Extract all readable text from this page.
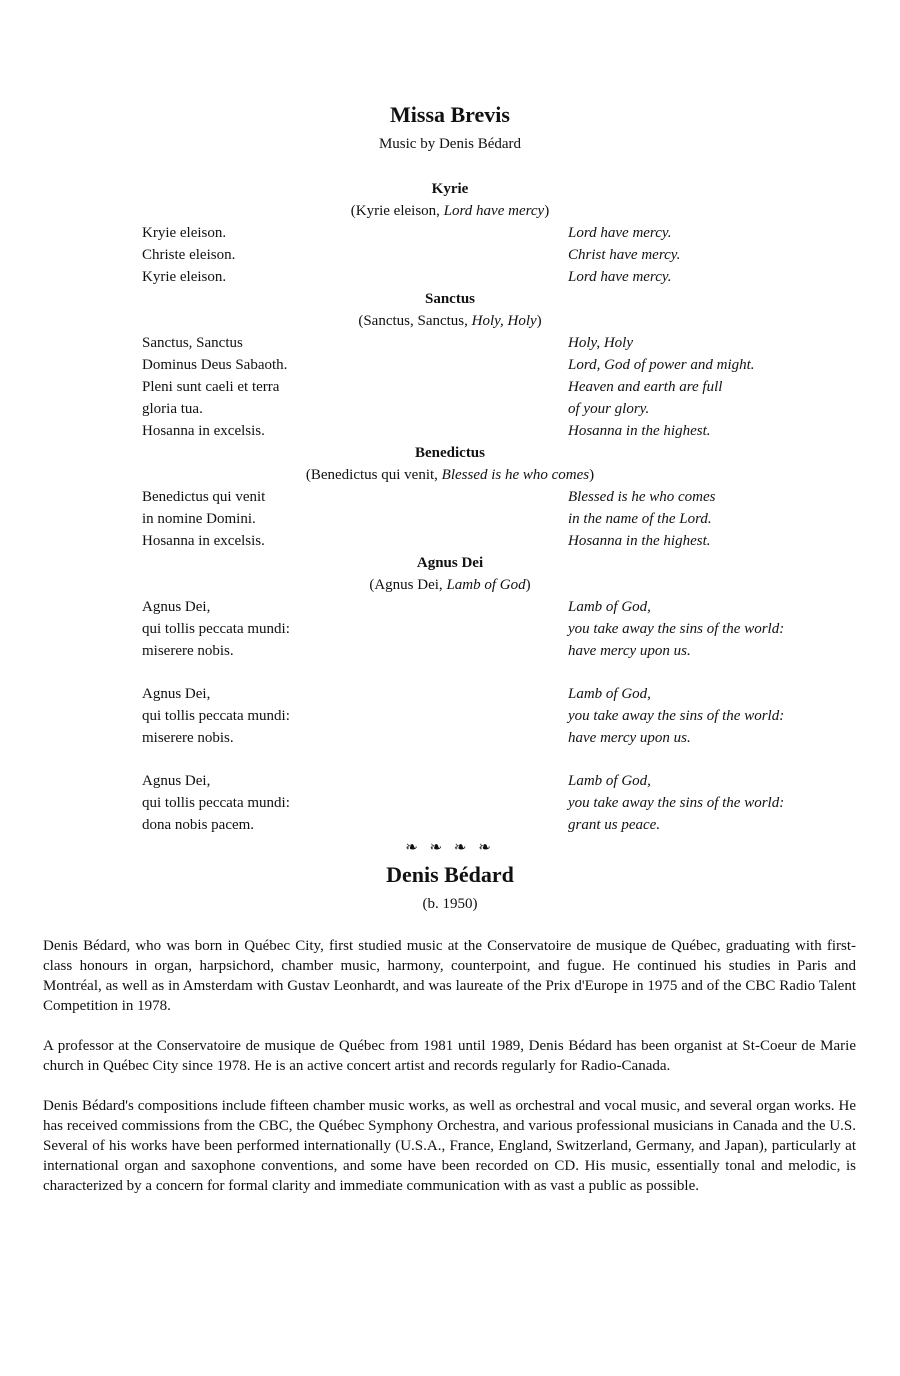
Missa Brevis
Music by Denis Bédard
Kyrie
(Kyrie eleison, Lord have mercy)
Kryie eleison.	Lord have mercy.
Christe eleison.	Christ have mercy.
Kyrie eleison.	Lord have mercy.
Sanctus
(Sanctus, Sanctus, Holy, Holy)
Sanctus, Sanctus	Holy, Holy
Dominus Deus Sabaoth.	Lord, God of power and might.
Pleni sunt caeli et terra	Heaven and earth are full
gloria tua.	of your glory.
Hosanna in excelsis.	Hosanna in the highest.
Benedictus
(Benedictus qui venit, Blessed is he who comes)
Benedictus qui venit	Blessed is he who comes
in nomine Domini.	in the name of the Lord.
Hosanna in excelsis.	Hosanna in the highest.
Agnus Dei
(Agnus Dei, Lamb of God)
Agnus Dei,	Lamb of God,
qui tollis peccata mundi:	you take away the sins of the world:
miserere nobis.	have mercy upon us.
Agnus Dei,	Lamb of God,
qui tollis peccata mundi:	you take away the sins of the world:
miserere nobis.	have mercy upon us.
Agnus Dei,	Lamb of God,
qui tollis peccata mundi:	you take away the sins of the world:
dona nobis pacem.	grant us peace.
❧ ❧ ❧ ❧
Denis Bédard
(b. 1950)

Denis Bédard, who was born in Québec City, first studied music at the Conservatoire de musique de Québec, graduating with first-class honours in organ, harpsichord, chamber music, harmony, counterpoint, and fugue. He continued his studies in Paris and Montréal, as well as in Amsterdam with Gustav Leonhardt, and was laureate of the Prix d'Europe in 1975 and of the CBC Radio Talent Competition in 1978.

A professor at the Conservatoire de musique de Québec from 1981 until 1989, Denis Bédard has been organist at St-Coeur de Marie church in Québec City since 1978. He is an active concert artist and records regularly for Radio-Canada.

Denis Bédard's compositions include fifteen chamber music works, as well as orchestral and vocal music, and several organ works. He has received commissions from the CBC, the Québec Symphony Orchestra, and various professional musicians in Canada and the U.S. Several of his works have been performed internationally (U.S.A., France, England, Switzerland, Germany, and Japan), particularly at international organ and saxophone conventions, and some have been recorded on CD. His music, essentially tonal and melodic, is characterized by a concern for formal clarity and immediate communication with as vast a public as possible.
